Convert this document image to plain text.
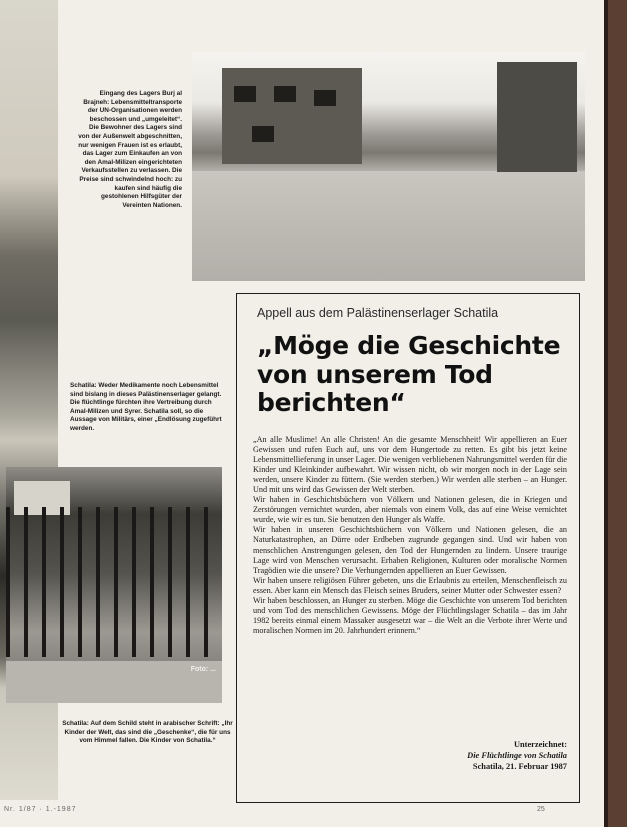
Eingang des Lagers Burj al Brajneh: Lebensmitteltransporte der UN-Organisationen werden beschossen und „umgeleitet“. Die Bewohner des Lagers sind von der Außenwelt abgeschnitten, nur wenigen Frauen ist es erlaubt, das Lager zum Einkaufen an von den Amal-Milizen eingerichteten Verkaufsstellen zu verlassen. Die Preise sind schwindelnd hoch: zu kaufen sind häufig die gestohlenen Hilfsgüter der Vereinten Nationen.
Schatila: Weder Medikamente noch Lebensmittel sind bislang in dieses Palästinenserlager gelangt. Die flüchtlinge fürchten ihre Vertreibung durch Amal-Milizen und Syrer. Schatila soll, so die Aussage von Militärs, einer „Endlösung zugeführt werden.
Foto: ...
Schatila: Auf dem Schild steht in arabischer Schrift: „Ihr Kinder der Welt, das sind die „Geschenke“, die für uns vom Himmel fallen. Die Kinder von Schatila.“
Appell aus dem Palästinenserlager Schatila
„Möge die Geschichte von unserem Tod berichten“

„An alle Muslime! An alle Christen! An die gesamte Menschheit! Wir appellieren an Euer Gewissen und rufen Euch auf, uns vor dem Hungertode zu retten. Es gibt bis jetzt keine Lebensmittellieferung in unser Lager. Die wenigen verbliebenen Nahrungsmittel werden für die Kinder und Kleinkinder aufbewahrt. Wir wissen nicht, ob wir morgen noch in der Lage sein werden, unsere Kinder zu füttern. (Sie werden sterben.) Wir werden alle sterben – an Hunger. Und mit uns wird das Gewissen der Welt sterben.

Wir haben in Geschichtsbüchern von Völkern und Nationen gelesen, die in Kriegen und Zerstörungen vernichtet wurden, aber niemals von einem Volk, das auf eine Weise vernichtet wurde, wie wir es tun. Sie benutzen den Hunger als Waffe.

Wir haben in unseren Geschichtsbüchern von Völkern und Nationen gelesen, die an Naturkatastrophen, an Dürre oder Erdbeben zugrunde gegangen sind. Und wir haben von menschlichen Anstrengungen gelesen, den Tod der Hungernden zu lindern. Unsere traurige Lage wird von Menschen verursacht. Erhaben Religionen, Kulturen oder moralische Normen Tragödien wie die unsere? Die Verhungernden appellieren an Euer Gewissen.

Wir haben unsere religiösen Führer gebeten, uns die Erlaubnis zu erteilen, Menschenfleisch zu essen. Aber kann ein Mensch das Fleisch seines Bruders, seiner Mutter oder Schwester essen?

Wir haben beschlossen, an Hunger zu sterben. Möge die Geschichte von unserem Tod berichten und vom Tod des menschlichen Gewissens. Möge der Flüchtlingslager Schatila – das im Jahr 1982 bereits einmal einem Massaker ausgesetzt war – die Welt an die Verbote ihrer Werte und moralischen Normen im 20. Jahrhundert erinnern.“

Unterzeichnet:
Die Flüchtlinge von Schatila
Schatila, 21. Februar 1987
Nr. 1/87 · 1.-1987	25
